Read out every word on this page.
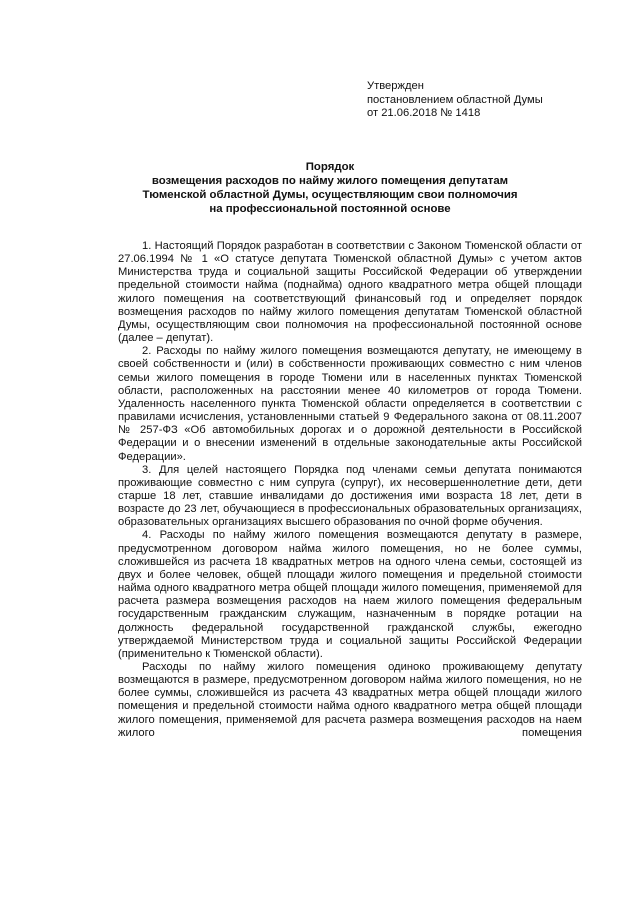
Утвержден
постановлением областной Думы
от 21.06.2018 № 1418
Порядок
возмещения расходов по найму жилого помещения депутатам
Тюменской областной Думы, осуществляющим свои полномочия
на профессиональной постоянной основе

1. Настоящий Порядок разработан в соответствии с Законом Тюменской области от 27.06.1994 № 1 «О статусе депутата Тюменской областной Думы» с учетом актов Министерства труда и социальной защиты Российской Федерации об утверждении предельной стоимости найма (поднайма) одного квадратного метра общей площади жилого помещения на соответствующий финансовый год и определяет порядок возмещения расходов по найму жилого помещения депутатам Тюменской областной Думы, осуществляющим свои полномочия на профессиональной постоянной основе (далее – депутат).

2. Расходы по найму жилого помещения возмещаются депутату, не имеющему в своей собственности и (или) в собственности проживающих совместно с ним членов семьи жилого помещения в городе Тюмени или в населенных пунктах Тюменской области, расположенных на расстоянии менее 40 километров от города Тюмени. Удаленность населенного пункта Тюменской области определяется в соответствии с правилами исчисления, установленными статьей 9 Федерального закона от 08.11.2007 № 257-ФЗ «Об автомобильных дорогах и о дорожной деятельности в Российской Федерации и о внесении изменений в отдельные законодательные акты Российской Федерации».

3. Для целей настоящего Порядка под членами семьи депутата понимаются проживающие совместно с ним супруга (супруг), их несовершеннолетние дети, дети старше 18 лет, ставшие инвалидами до достижения ими возраста 18 лет, дети в возрасте до 23 лет, обучающиеся в профессиональных образовательных организациях, образовательных организациях высшего образования по очной форме обучения.

4. Расходы по найму жилого помещения возмещаются депутату в размере, предусмотренном договором найма жилого помещения, но не более суммы, сложившейся из расчета 18 квадратных метров на одного члена семьи, состоящей из двух и более человек, общей площади жилого помещения и предельной стоимости найма одного квадратного метра общей площади жилого помещения, применяемой для расчета размера возмещения расходов на наем жилого помещения федеральным государственным гражданским служащим, назначенным в порядке ротации на должность федеральной государственной гражданской службы, ежегодно утверждаемой Министерством труда и социальной защиты Российской Федерации (применительно к Тюменской области).

Расходы по найму жилого помещения одиноко проживающему депутату возмещаются в размере, предусмотренном договором найма жилого помещения, но не более суммы, сложившейся из расчета 43 квадратных метра общей площади жилого помещения и предельной стоимости найма одного квадратного метра общей площади жилого помещения, применяемой для расчета размера возмещения расходов на наем жилого помещения
